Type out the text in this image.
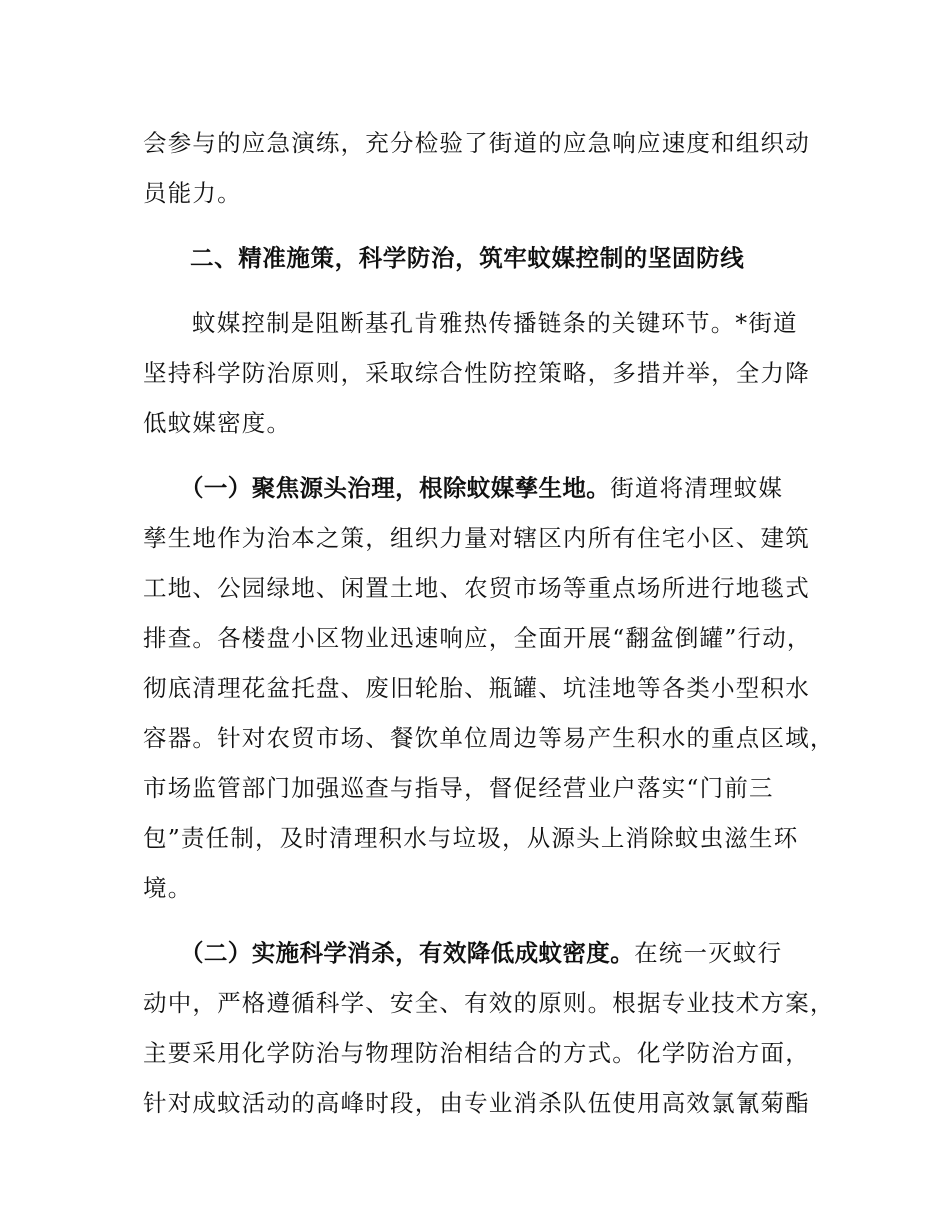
会参与的应急演练，充分检验了街道的应急响应速度和组织动
员能力。
二、精准施策，科学防治，筑牢蚊媒控制的坚固防线
蚊媒控制是阻断基孔肯雅热传播链条的关键环节。*街道
坚持科学防治原则，采取综合性防控策略，多措并举，全力降
低蚊媒密度。
（一）聚焦源头治理，根除蚊媒孳生地。街道将清理蚊媒
孳生地作为治本之策，组织力量对辖区内所有住宅小区、建筑
工地、公园绿地、闲置土地、农贸市场等重点场所进行地毯式
排查。各楼盘小区物业迅速响应，全面开展“翻盆倒罐”行动，
彻底清理花盆托盘、废旧轮胎、瓶罐、坑洼地等各类小型积水
容器。针对农贸市场、餐饮单位周边等易产生积水的重点区域，
市场监管部门加强巡查与指导，督促经营业户落实“门前三
包”责任制，及时清理积水与垃圾，从源头上消除蚊虫滋生环
境。
（二）实施科学消杀，有效降低成蚊密度。在统一灭蚊行
动中，严格遵循科学、安全、有效的原则。根据专业技术方案，
主要采用化学防治与物理防治相结合的方式。化学防治方面，
针对成蚊活动的高峰时段，由专业消杀队伍使用高效氯氰菊酯
